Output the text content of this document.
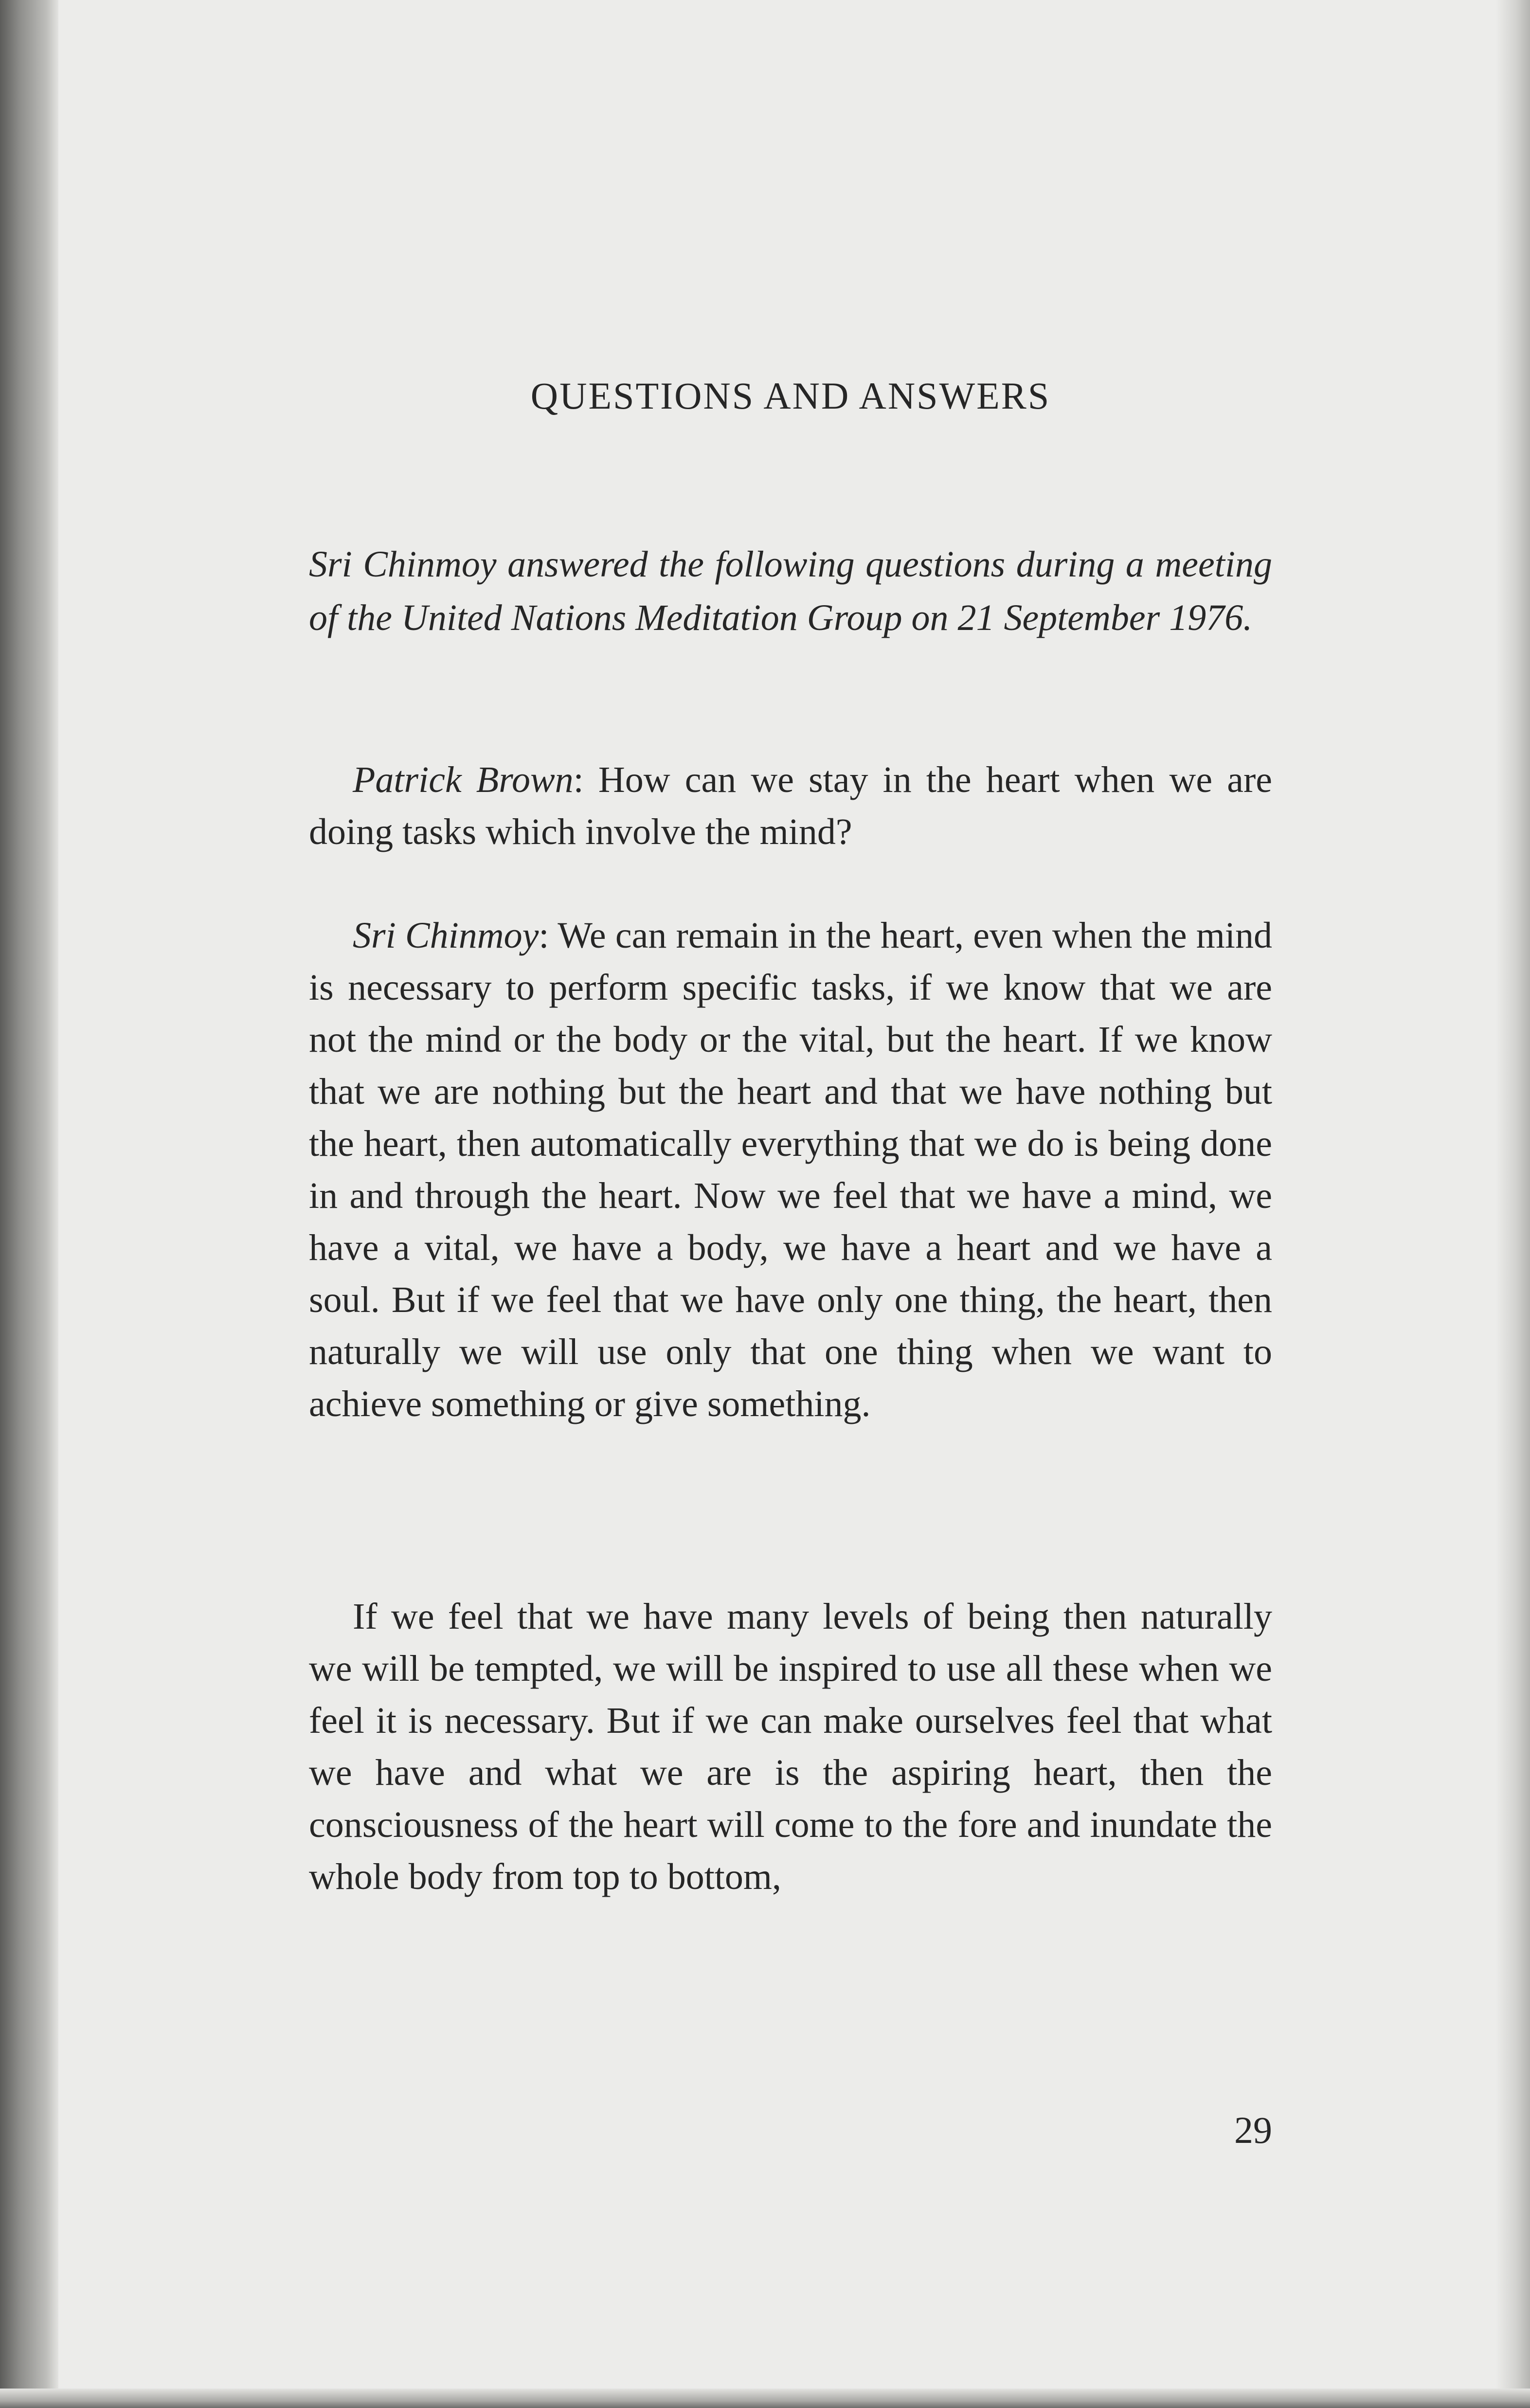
QUESTIONS AND ANSWERS

Sri Chinmoy answered the following questions during a meeting of the United Nations Meditation Group on 21 September 1976.

Patrick Brown: How can we stay in the heart when we are doing tasks which involve the mind?

Sri Chinmoy: We can remain in the heart, even when the mind is necessary to perform specific tasks, if we know that we are not the mind or the body or the vital, but the heart. If we know that we are nothing but the heart and that we have nothing but the heart, then automatically everything that we do is being done in and through the heart. Now we feel that we have a mind, we have a vital, we have a body, we have a heart and we have a soul. But if we feel that we have only one thing, the heart, then naturally we will use only that one thing when we want to achieve something or give something.

If we feel that we have many levels of being then naturally we will be tempted, we will be inspired to use all these when we feel it is necessary. But if we can make ourselves feel that what we have and what we are is the aspiring heart, then the consciousness of the heart will come to the fore and inundate the whole body from top to bottom,

29
